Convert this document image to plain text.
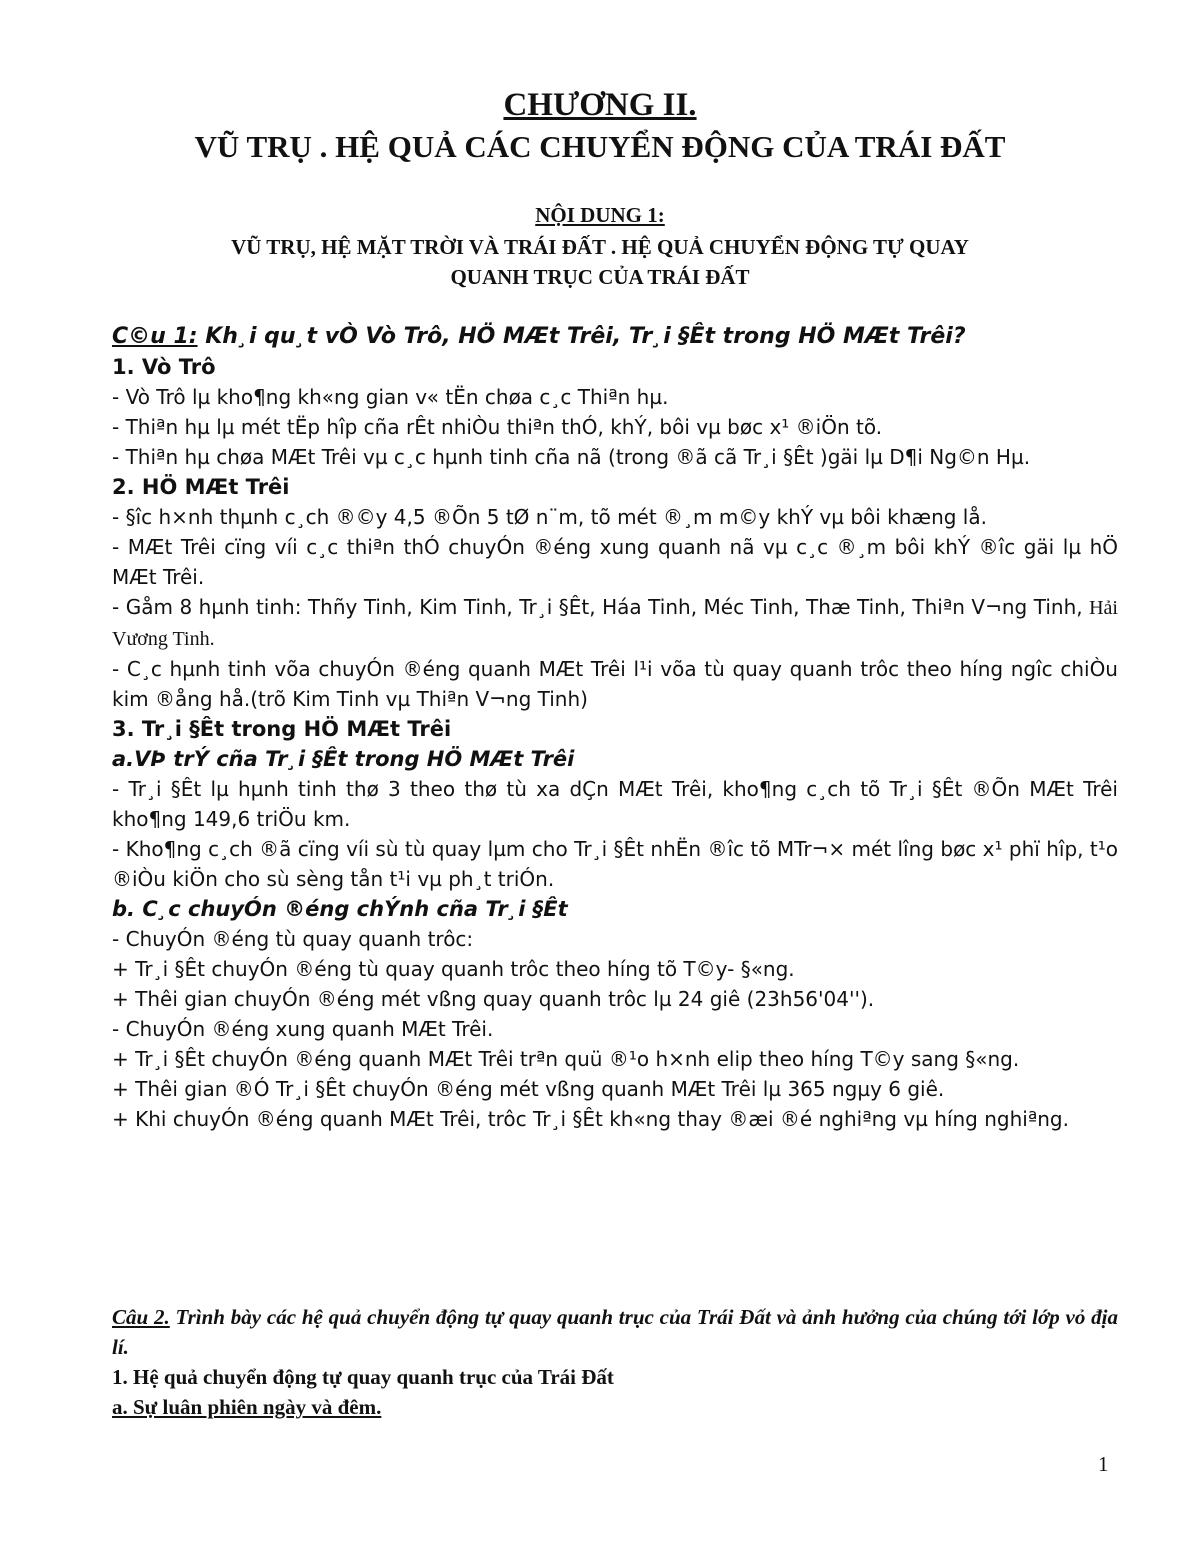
CHƯƠNG II.
VŨ TRỤ . HỆ QUẢ CÁC CHUYỂN ĐỘNG CỦA TRÁI ĐẤT
NỘI DUNG 1:
VŨ TRỤ, HỆ MẶT TRỜI VÀ TRÁI ĐẤT . HỆ QUẢ CHUYỂN ĐỘNG TỰ QUAY
QUANH TRỤC CỦA TRÁI ĐẤT

C©u 1: Kh¸i qu¸t vÒ Vò Trô, HÖ MÆt Trêi, Tr¸i §Êt trong HÖ MÆt Trêi?

1. Vò Trô

- Vò Trô lµ kho¶ng kh«ng gian v« tËn chøa c¸c Thiªn hµ.

- Thiªn hµ lµ mét tËp hîp cña rÊt nhiÒu thiªn thÓ, khÝ, bôi vµ bøc x¹ ®iÖn tõ.

- Thiªn hµ chøa MÆt Trêi vµ c¸c hµnh tinh cña nã (trong ®ã cã Tr¸i §Êt )gäi lµ D¶i Ng©n Hµ.

2. HÖ MÆt Trêi

- §îc h×nh thµnh c¸ch ®©y 4,5 ®Õn 5 tØ n¨m, tõ mét ®¸m m©y khÝ vµ bôi khæng lå.

- MÆt Trêi cïng víi c¸c thiªn thÓ chuyÓn ®éng xung quanh nã vµ c¸c ®¸m bôi khÝ ®îc gäi lµ hÖ MÆt Trêi.

- Gåm 8 hµnh tinh: Thñy Tinh, Kim Tinh, Tr¸i §Êt, Háa Tinh, Méc Tinh, Thæ Tinh, Thiªn V¬ng Tinh, Hải Vương Tinh.

- C¸c hµnh tinh võa chuyÓn ®éng quanh MÆt Trêi l¹i võa tù quay quanh trôc theo híng ngîc chiÒu kim ®ång hå.(trõ Kim Tinh vµ Thiªn V¬ng Tinh)

3. Tr¸i §Êt trong HÖ MÆt Trêi

a.VÞ trÝ cña Tr¸i §Êt trong HÖ MÆt Trêi

- Tr¸i §Êt lµ hµnh tinh thø 3 theo thø tù xa dÇn MÆt Trêi, kho¶ng c¸ch tõ Tr¸i §Êt ®Õn MÆt Trêi kho¶ng 149,6 triÖu km.

- Kho¶ng c¸ch ®ã cïng víi sù tù quay lµm cho Tr¸i §Êt nhËn ®îc tõ MTr¬× mét lîng bøc x¹ phï hîp, t¹o ®iÒu kiÖn cho sù sèng tån t¹i vµ ph¸t triÓn.

b. C¸c chuyÓn ®éng chÝnh cña Tr¸i §Êt

- ChuyÓn ®éng tù quay quanh trôc:

+ Tr¸i §Êt chuyÓn ®éng tù quay quanh trôc theo híng tõ T©y- §«ng.

+ Thêi gian chuyÓn ®éng mét vßng quay quanh trôc lµ 24 giê (23h56'04'').

- ChuyÓn ®éng xung quanh MÆt Trêi.

+ Tr¸i §Êt chuyÓn ®éng quanh MÆt Trêi trªn quü ®¹o h×nh elip theo híng T©y sang §«ng.

+ Thêi gian ®Ó Tr¸i §Êt chuyÓn ®éng mét vßng quanh MÆt Trêi lµ 365 ngµy 6 giê.

+ Khi chuyÓn ®éng quanh MÆt Trêi, trôc Tr¸i §Êt kh«ng thay ®æi ®é nghiªng vµ híng nghiªng.

Câu 2. Trình bày các hệ quả chuyển động tự quay quanh trục của Trái Đất và ảnh hưởng của chúng tới lớp vỏ địa lí.

1. Hệ quả chuyển động tự quay quanh trục của Trái Đất

a. Sự luân phiên ngày và đêm.

1
